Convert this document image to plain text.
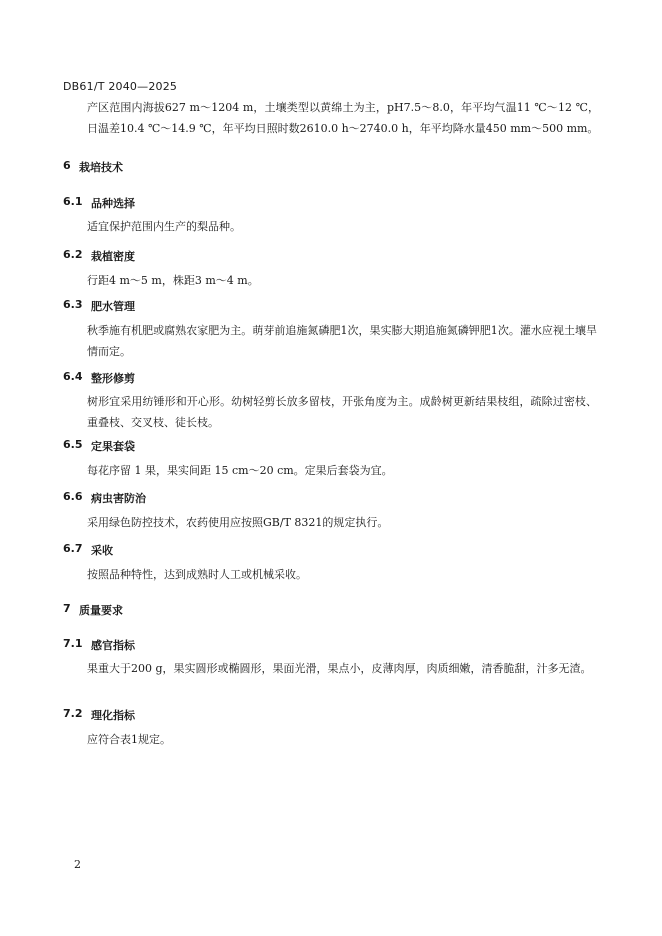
DB61/T 2040—2025
产区范围内海拔627 m～1204 m，土壤类型以黄绵土为主，pH7.5～8.0，年平均气温11 ℃～12 ℃，日温差10.4 ℃～14.9 ℃，年平均日照时数2610.0 h～2740.0 h，年平均降水量450 mm～500 mm。
6 栽培技术
6.1 品种选择
适宜保护范围内生产的梨品种。
6.2 栽植密度
行距4 m～5 m，株距3 m～4 m。
6.3 肥水管理
秋季施有机肥或腐熟农家肥为主。萌芽前追施氮磷肥1次，果实膨大期追施氮磷钾肥1次。灌水应视土壤旱情而定。
6.4 整形修剪
树形宜采用纺锤形和开心形。幼树轻剪长放多留枝，开张角度为主。成龄树更新结果枝组，疏除过密枝、重叠枝、交叉枝、徒长枝。
6.5 定果套袋
每花序留 1 果，果实间距 15 cm～20 cm。定果后套袋为宜。
6.6 病虫害防治
采用绿色防控技术，农药使用应按照GB/T 8321的规定执行。
6.7 采收
按照品种特性，达到成熟时人工或机械采收。
7 质量要求
7.1 感官指标
果重大于200 g，果实圆形或椭圆形，果面光滑，果点小，皮薄肉厚，肉质细嫩，清香脆甜，汁多无渣。
7.2 理化指标
应符合表1规定。
2
